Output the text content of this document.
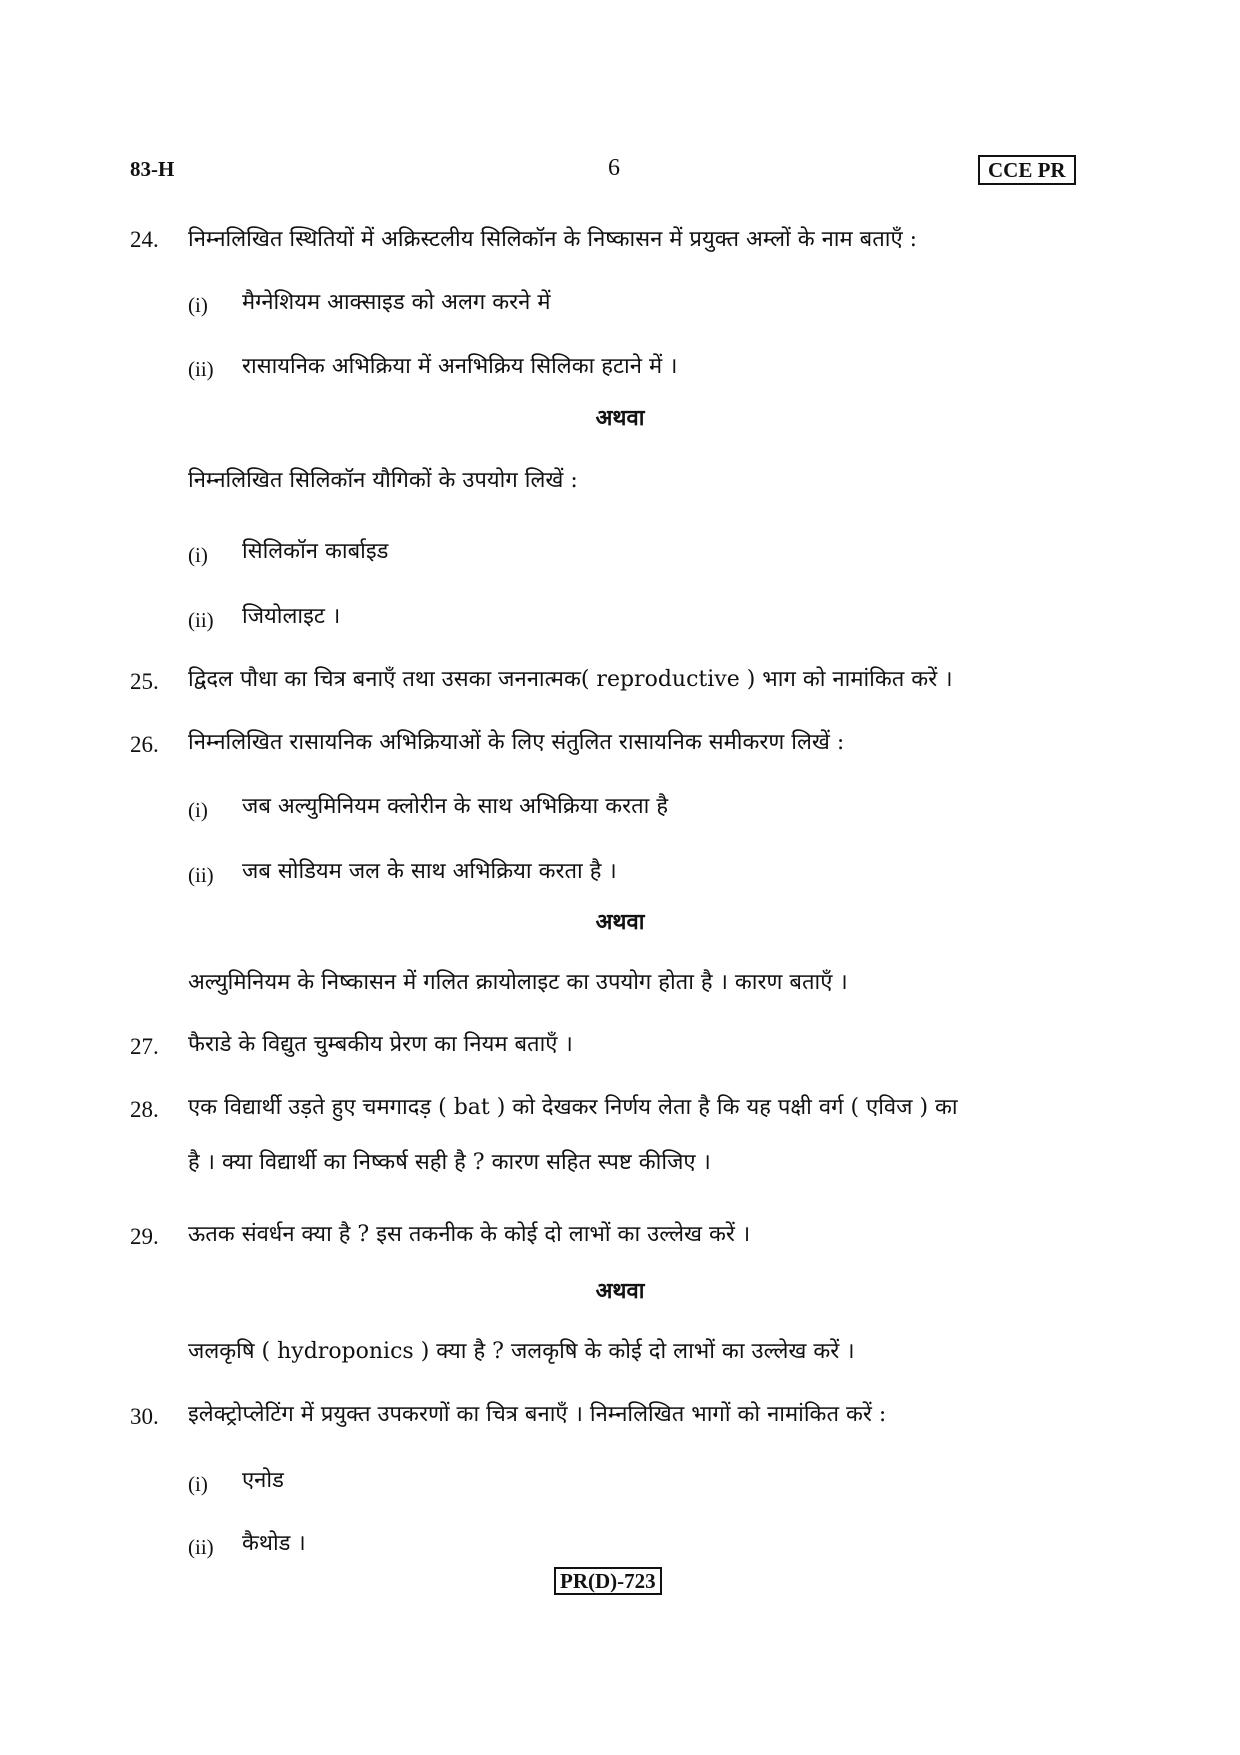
83-H	6	CCE PR
24. निम्नलिखित स्थितियों में अक्रिस्टलीय सिलिकॉन के निष्कासन में प्रयुक्त अम्लों के नाम बताएँ :
(i) मैग्नेशियम आक्साइड को अलग करने में
(ii) रासायनिक अभिक्रिया में अनभिक्रिय सिलिका हटाने में ।
अथवा
निम्नलिखित सिलिकॉन यौगिकों के उपयोग लिखें :
(i) सिलिकॉन कार्बाइड
(ii) जियोलाइट ।
25. द्विदल पौधा का चित्र बनाएँ तथा उसका जननात्मक( reproductive ) भाग को नामांकित करें ।
26. निम्नलिखित रासायनिक अभिक्रियाओं के लिए संतुलित रासायनिक समीकरण लिखें :
(i) जब अल्युमिनियम क्लोरीन के साथ अभिक्रिया करता है
(ii) जब सोडियम जल के साथ अभिक्रिया करता है ।
अथवा
अल्युमिनियम के निष्कासन में गलित क्रायोलाइट का उपयोग होता है । कारण बताएँ ।
27. फैराडे के विद्युत चुम्बकीय प्रेरण का नियम बताएँ ।
28. एक विद्यार्थी उड़ते हुए चमगादड़ ( bat ) को देखकर निर्णय लेता है कि यह पक्षी वर्ग ( एविज ) का
है । क्या विद्यार्थी का निष्कर्ष सही है ? कारण सहित स्पष्ट कीजिए ।
29. ऊतक संवर्धन क्या है ? इस तकनीक के कोई दो लाभों का उल्लेख करें ।
अथवा
जलकृषि ( hydroponics ) क्या है ? जलकृषि के कोई दो लाभों का उल्लेख करें ।
30. इलेक्ट्रोप्लेटिंग में प्रयुक्त उपकरणों का चित्र बनाएँ । निम्नलिखित भागों को नामांकित करें :
(i) एनोड
(ii) कैथोड ।
PR(D)-723
